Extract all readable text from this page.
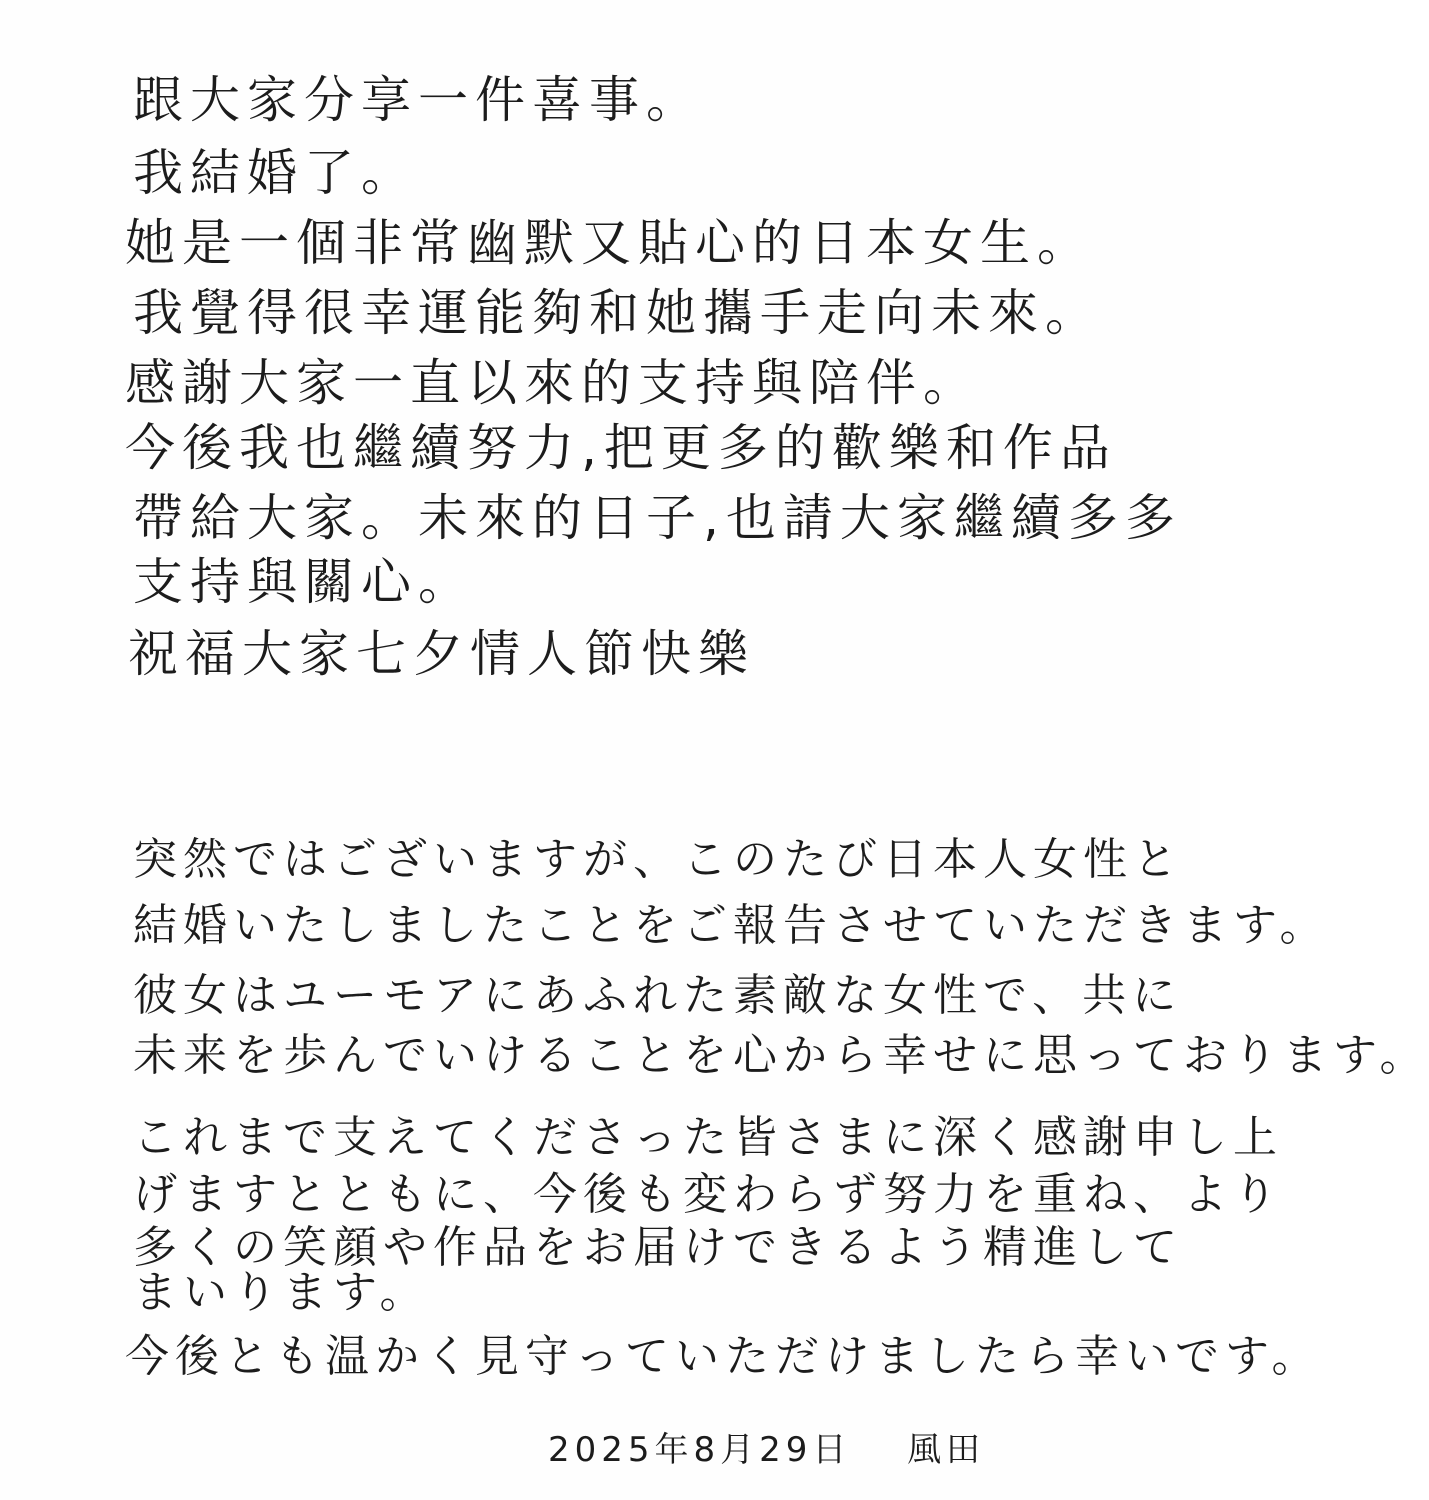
跟大家分享一件喜事。
我結婚了。
她是一個非常幽默又貼心的日本女生。
我覺得很幸運能夠和她攜手走向未來。
感謝大家一直以來的支持與陪伴。
今後我也繼續努力,把更多的歡樂和作品
帶給大家。未來的日子,也請大家繼續多多
支持與關心。
祝福大家七夕情人節快樂
突然ではございますが、このたび日本人女性と
結婚いたしましたことをご報告させていただきます。
彼女はユーモアにあふれた素敵な女性で、共に
未来を歩んでいけることを心から幸せに思っております。
これまで支えてくださった皆さまに深く感謝申し上
げますとともに、今後も変わらず努力を重ね、より
多くの笑顔や作品をお届けできるよう精進して
まいります。
今後とも温かく見守っていただけましたら幸いです。
2025年8月29日 風田
